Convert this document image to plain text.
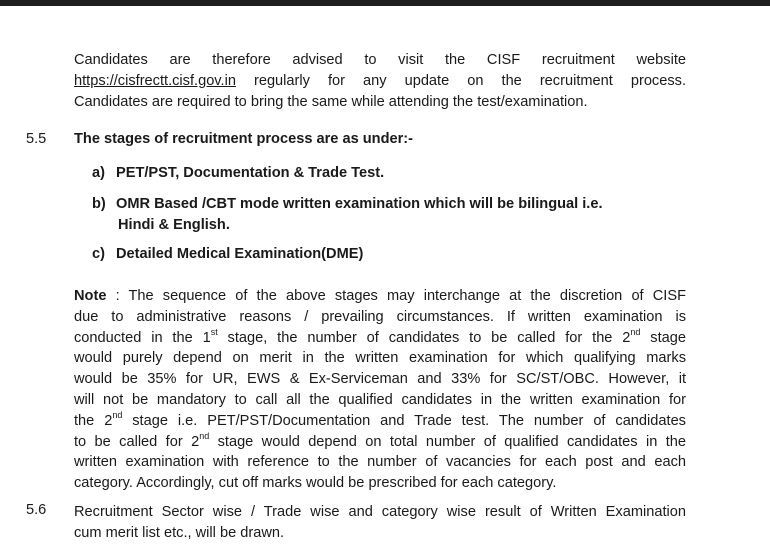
Candidates are therefore advised to visit the CISF recruitment website
https://cisfrectt.cisf.gov.in regularly for any update on the recruitment process.
Candidates are required to bring the same while attending the test/examination.
5.5 The stages of recruitment process are as under:-
a) PET/PST, Documentation & Trade Test.
b) OMR Based /CBT mode written examination which will be bilingual i.e.
Hindi & English.
c) Detailed Medical Examination(DME)
Note : The sequence of the above stages may interchange at the discretion of CISF
due to administrative reasons / prevailing circumstances. If written examination is
conducted in the 1st stage, the number of candidates to be called for the 2nd stage
would purely depend on merit in the written examination for which qualifying marks
would be 35% for UR, EWS & Ex-Serviceman and 33% for SC/ST/OBC. However, it
will not be mandatory to call all the qualified candidates in the written examination for
the 2nd stage i.e. PET/PST/Documentation and Trade test. The number of candidates
to be called for 2nd stage would depend on total number of qualified candidates in the
written examination with reference to the number of vacancies for each post and each
category. Accordingly, cut off marks would be prescribed for each category.
5.6 Recruitment Sector wise / Trade wise and category wise result of Written Examination
cum merit list etc., will be drawn.
